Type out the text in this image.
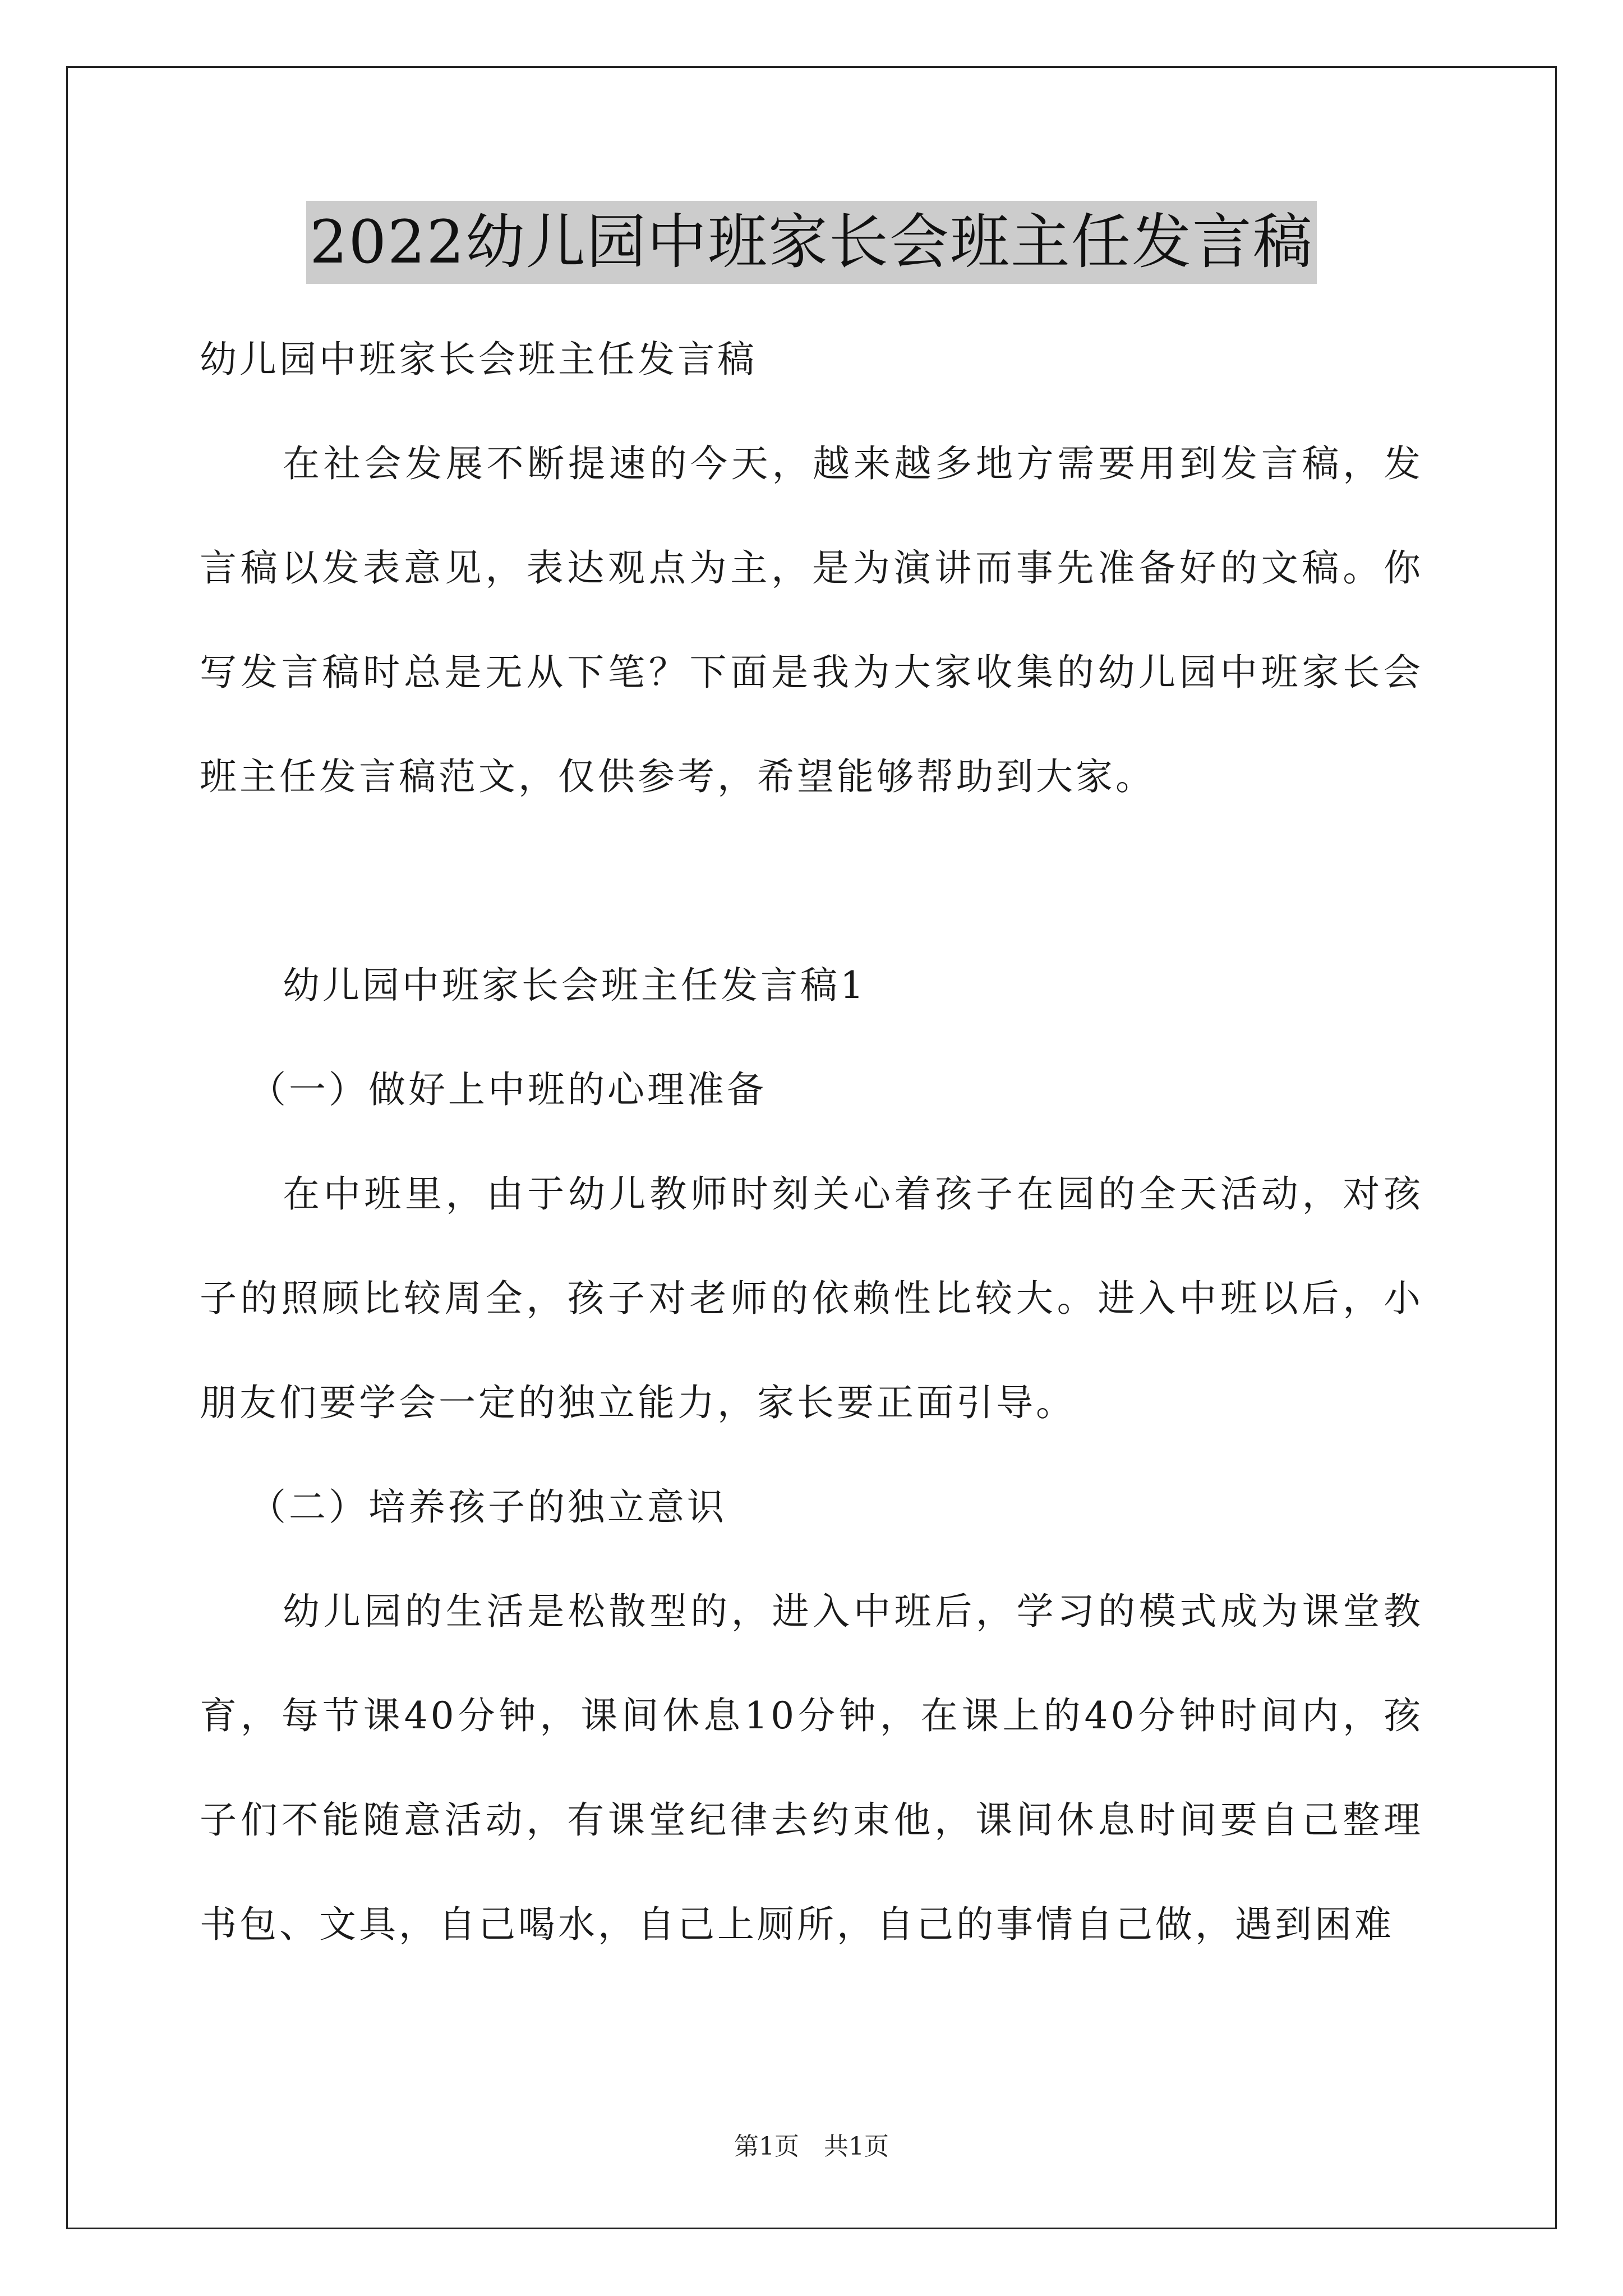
2022幼儿园中班家长会班主任发言稿

幼儿园中班家长会班主任发言稿

在社会发展不断提速的今天，越来越多地方需要用到发言稿，发言稿以发表意见，表达观点为主，是为演讲而事先准备好的文稿。你写发言稿时总是无从下笔？下面是我为大家收集的幼儿园中班家长会班主任发言稿范文，仅供参考，希望能够帮助到大家。

幼儿园中班家长会班主任发言稿1

（一）做好上中班的心理准备

在中班里，由于幼儿教师时刻关心着孩子在园的全天活动，对孩子的照顾比较周全，孩子对老师的依赖性比较大。进入中班以后，小朋友们要学会一定的独立能力，家长要正面引导。

（二）培养孩子的独立意识

幼儿园的生活是松散型的，进入中班后，学习的模式成为课堂教育，每节课40分钟，课间休息10分钟，在课上的40分钟时间内，孩子们不能随意活动，有课堂纪律去约束他，课间休息时间要自己整理书包、文具，自己喝水，自己上厕所，自己的事情自己做，遇到困难

第1页　共1页
